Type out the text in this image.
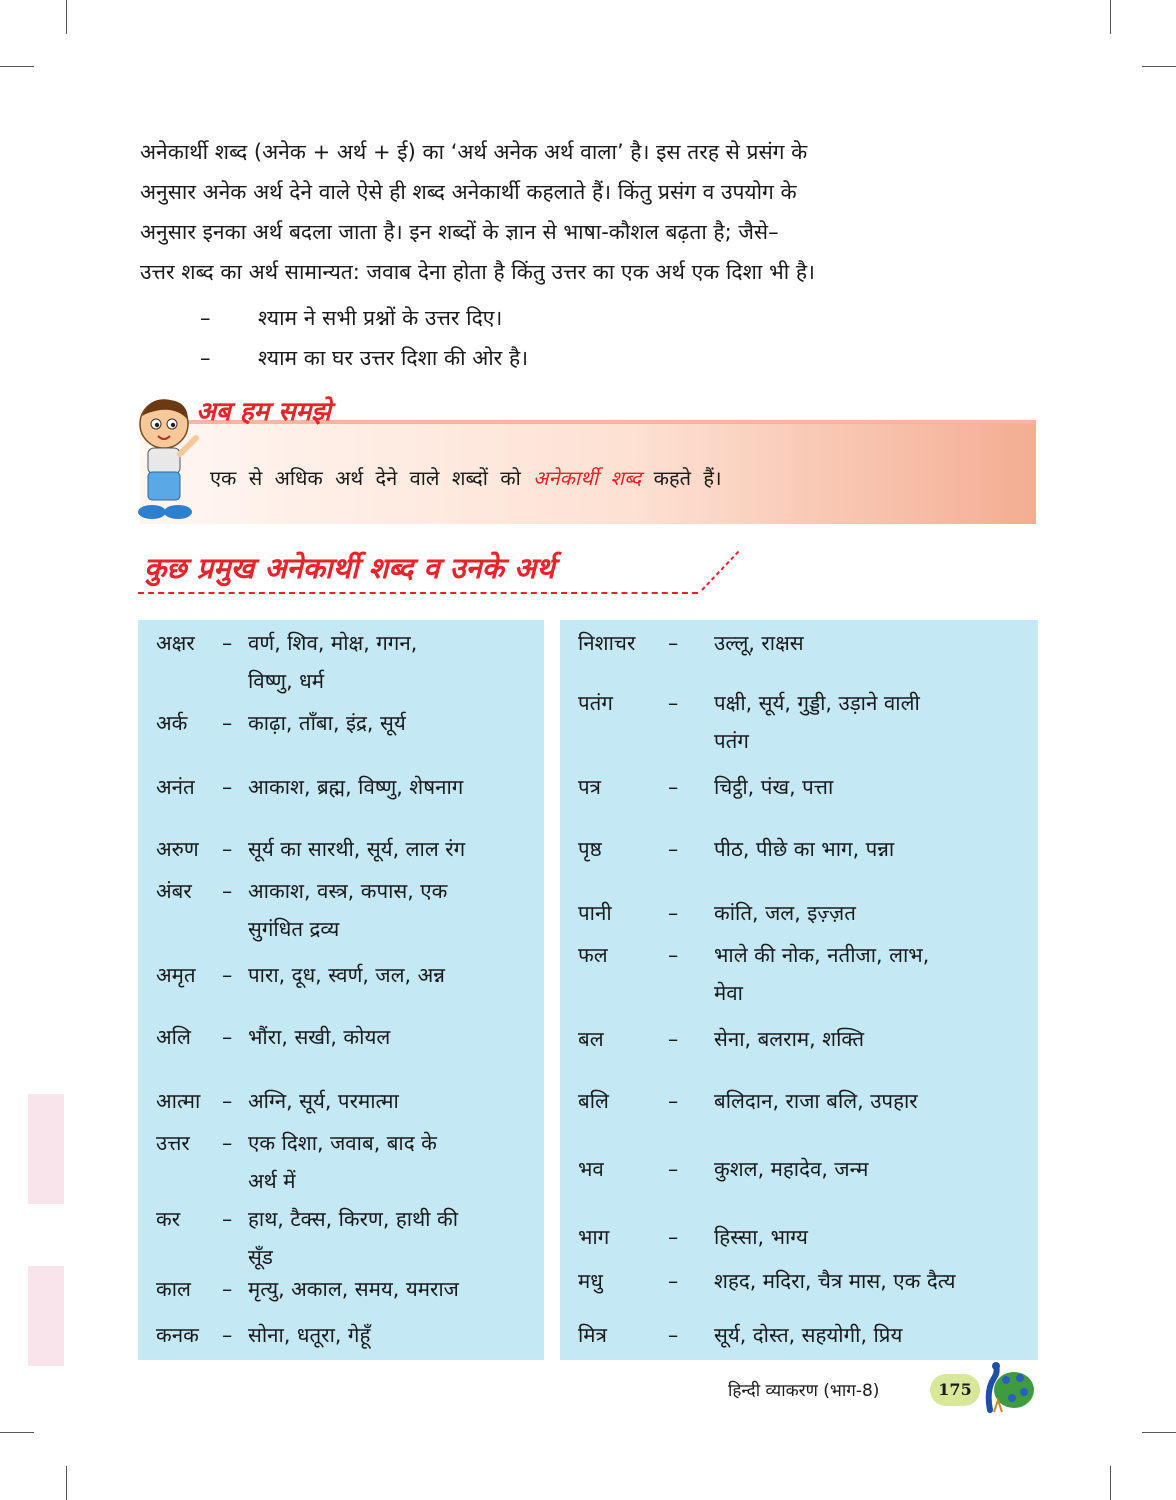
अनेकार्थी शब्द (अनेक + अर्थ + ई) का ‘अर्थ अनेक अर्थ वाला’ है। इस तरह से प्रसंग के

अनुसार अनेक अर्थ देने वाले ऐसे ही शब्द अनेकार्थी कहलाते हैं। किंतु प्रसंग व उपयोग के

अनुसार इनका अर्थ बदला जाता है। इन शब्दों के ज्ञान से भाषा-कौशल बढ़ता है; जैसे–

उत्तर शब्द का अर्थ सामान्यत: जवाब देना होता है किंतु उत्तर का एक अर्थ एक दिशा भी है।

– श्याम ने सभी प्रश्नों के उत्तर दिए।
– श्याम का घर उत्तर दिशा की ओर है।
अब हम समझे
एक से अधिक अर्थ देने वाले शब्दों को अनेकार्थी शब्द कहते हैं।
कुछ प्रमुख अनेकार्थी शब्द व उनके अर्थ
अक्षर – वर्ण, शिव, मोक्ष, गगन,
विष्णु, धर्म
अर्क – काढ़ा, ताँबा, इंद्र, सूर्य
अनंत – आकाश, ब्रह्म, विष्णु, शेषनाग
अरुण – सूर्य का सारथी, सूर्य, लाल रंग
अंबर – आकाश, वस्त्र, कपास, एक
सुगंधित द्रव्य
अमृत – पारा, दूध, स्वर्ण, जल, अन्न
अलि –भौंरा, सखी, कोयल
आत्मा – अग्नि, सूर्य, परमात्मा
उत्तर – एक दिशा, जवाब, बाद के
अर्थ में
कर – हाथ, टैक्स, किरण, हाथी की
सूँड
काल – मृत्यु, अकाल, समय, यमराज
कनक – सोना, धतूरा, गेहूँ
निशाचर – उल्लू, राक्षस
पतंग	– पक्षी, सूर्य, गुड्डी, उड़ाने वाली
पतंग
पत्र	– चिट्ठी, पंख, पत्ता
पृष्ठ	– पीठ, पीछे का भाग, पन्ना
पानी	– कांति, जल, इज़्ज़त
फल	– भाले की नोक, नतीजा, लाभ,
मेवा
बल	– सेना, बलराम, शक्ति
बलि	– बलिदान, राजा बलि, उपहार
भव	– कुशल, महादेव, जन्म
भाग	– हिस्सा, भाग्य
मधु	– शहद, मदिरा, चैत्र मास, एक दैत्य
मित्र	– सूर्य, दोस्त, सहयोगी, प्रिय
हिन्दी व्याकरण (भाग-8)	175
